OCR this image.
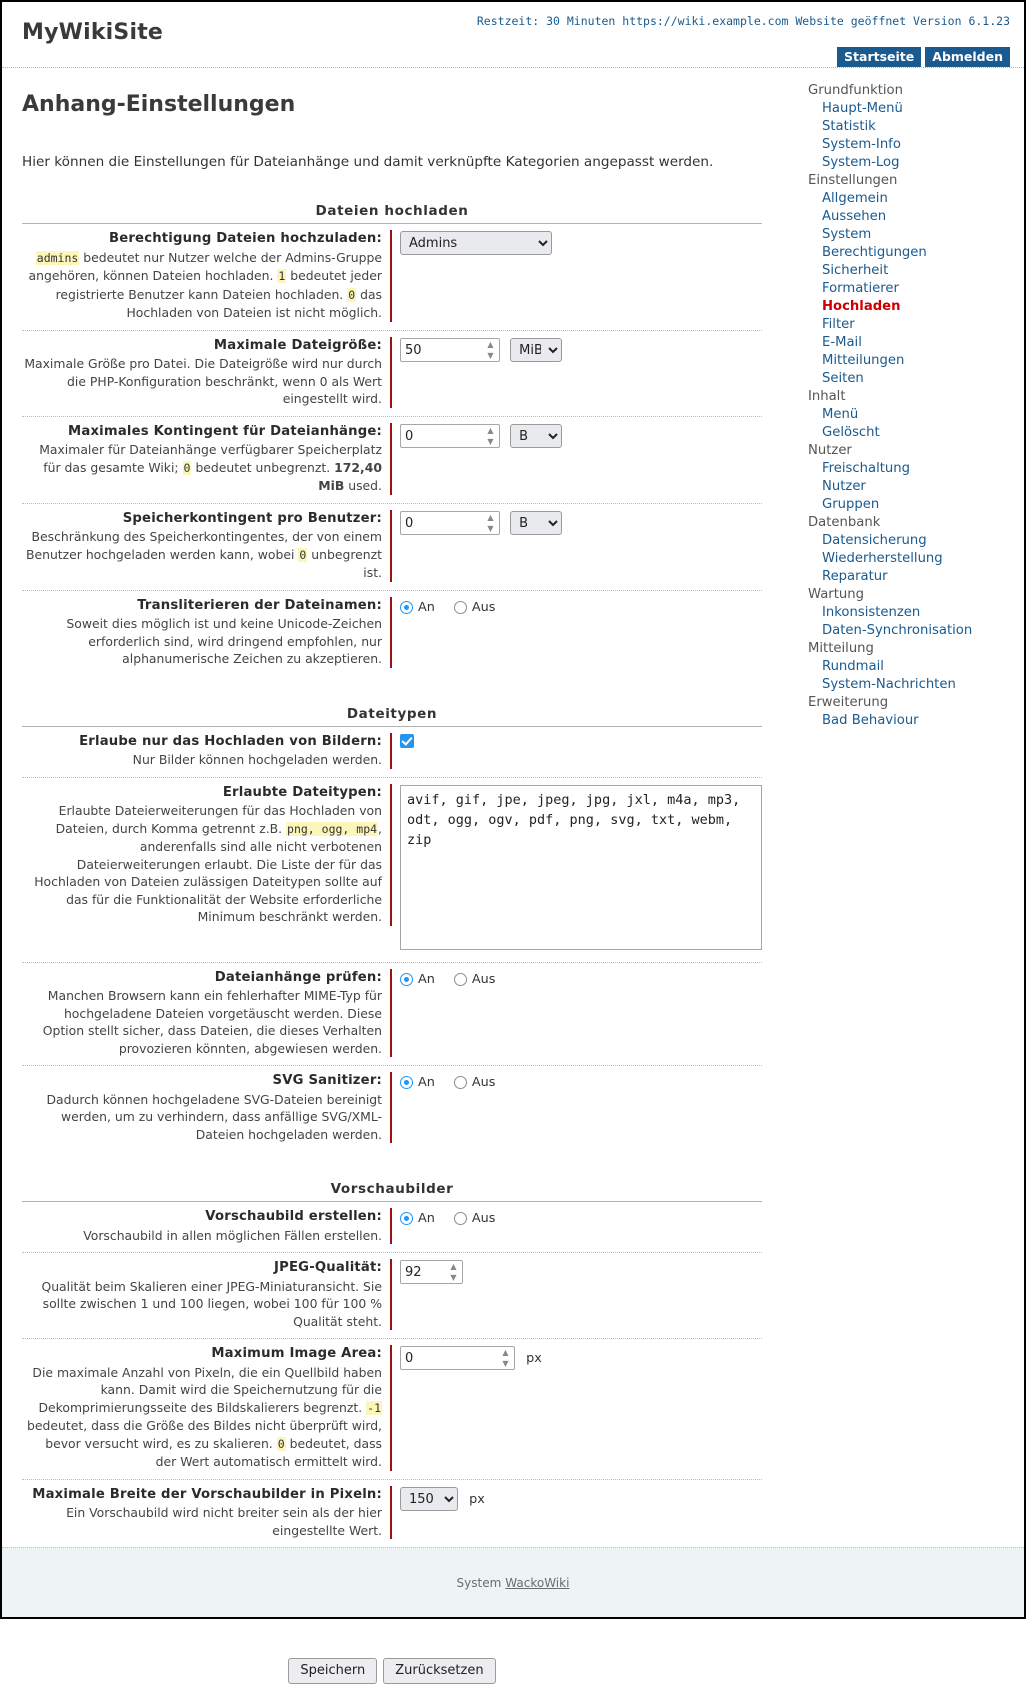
MyWikiSite	Restzeit: 30 Minuten https://wiki.example.com Website geöffnet Version 6.1.23
Startseite	Abmelden
Grundfunktion
Haupt-Menü
Statistik
System-Info
System-Log
Einstellungen
Allgemein
Aussehen
System
Berechtigungen
Sicherheit
Formatierer
Hochladen
Filter
E-Mail
Mitteilungen
Seiten
Inhalt
Menü
Gelöscht
Nutzer
Freischaltung
Nutzer
Gruppen
Datenbank
Datensicherung
Wiederherstellung
Reparatur
Wartung
Inkonsistenzen
Daten-Synchronisation
Mitteilung
Rundmail
System-Nachrichten
Erweiterung
Bad Behaviour
Anhang-Einstellungen

Hier können die Einstellungen für Dateianhänge und damit verknüpfte Kategorien angepasst werden.

Dateien hochladen
Berechtigung Dateien hochzuladen:
admins bedeutet nur Nutzer welche der Admins-Gruppe angehören, können Dateien hochladen. 1 bedeutet jeder registrierte Benutzer kann Dateien hochladen. 0 das Hochladen von Dateien ist nicht möglich.
Admins
Maximale Dateigröße:
Maximale Größe pro Datei. Die Dateigröße wird nur durch die PHP-Konfiguration beschränkt, wenn 0 als Wert eingestellt wird.
50
▲
▼

MiB
Maximales Kontingent für Dateianhänge:
Maximaler für Dateianhänge verfügbarer Speicherplatz für das gesamte Wiki; 0 bedeutet unbegrenzt. 172,40 MiB used.
0
▲
▼

B
Speicherkontingent pro Benutzer:
Beschränkung des Speicherkontingentes, der von einem Benutzer hochgeladen werden kann, wobei 0 unbegrenzt ist.
0
▲
▼

B
Transliterieren der Dateinamen:
Soweit dies möglich ist und keine Unicode-Zeichen erforderlich sind, wird dringend empfohlen, nur alphanumerische Zeichen zu akzeptieren.
An	Aus
Dateitypen
Erlaube nur das Hochladen von Bildern:
Nur Bilder können hochgeladen werden.
Erlaubte Dateitypen:
Erlaubte Dateierweiterungen für das Hochladen von Dateien, durch Komma getrennt z.B. png, ogg, mp4, anderenfalls sind alle nicht verbotenen Dateierweiterungen erlaubt. Die Liste der für das Hochladen von Dateien zulässigen Dateitypen sollte auf das für die Funktionalität der Website erforderliche Minimum beschränkt werden.
avif, gif, jpe, jpeg, jpg, jxl, m4a, mp3, odt, ogg, ogv, pdf, png, svg, txt, webm, zip
Dateianhänge prüfen:
Manchen Browsern kann ein fehlerhafter MIME-Typ für hochgeladene Dateien vorgetäuscht werden. Diese Option stellt sicher, dass Dateien, die dieses Verhalten provozieren könnten, abgewiesen werden.
An	Aus
SVG Sanitizer:
Dadurch können hochgeladene SVG-Dateien bereinigt werden, um zu verhindern, dass anfällige SVG/XML-Dateien hochgeladen werden.
An	Aus
Vorschaubilder
Vorschaubild erstellen:
Vorschaubild in allen möglichen Fällen erstellen.
An	Aus
JPEG-Qualität:
Qualität beim Skalieren einer JPEG-Miniaturansicht. Sie sollte zwischen 1 und 100 liegen, wobei 100 für 100 % Qualität steht.
92
▲
▼
Maximum Image Area:
Die maximale Anzahl von Pixeln, die ein Quellbild haben kann. Damit wird die Speichernutzung für die Dekomprimierungsseite des Bildskalierers begrenzt. -1 bedeutet, dass die Größe des Bildes nicht überprüft wird, bevor versucht wird, es zu skalieren. 0 bedeutet, dass der Wert automatisch ermittelt wird.
0
▲
▼ px
Maximale Breite der Vorschaubilder in Pixeln:
Ein Vorschaubild wird nicht breiter sein als der hier eingestellte Wert.
150 px
1024
Speichern	Zurücksetzen
System WackoWiki
